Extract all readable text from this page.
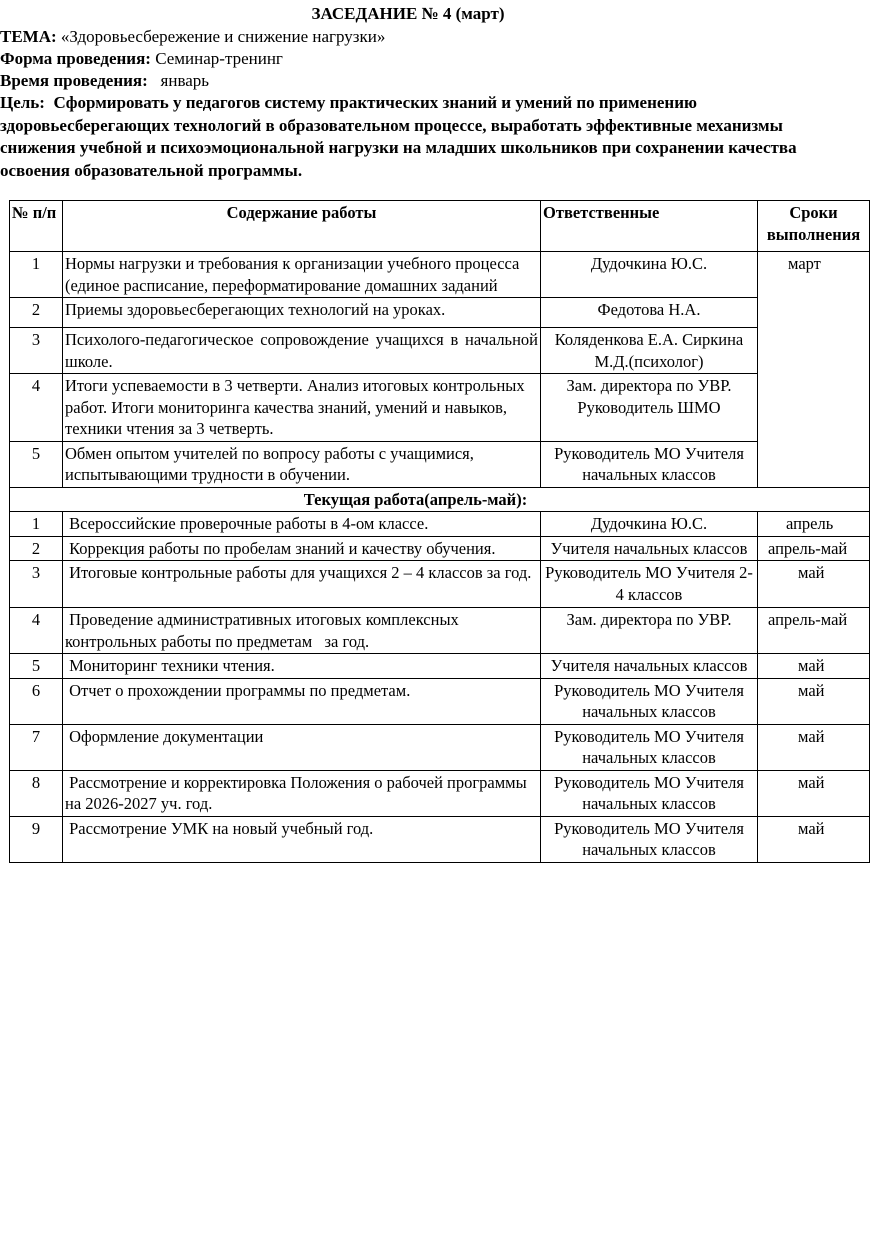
ЗАСЕДАНИЕ № 4 (март)
ТЕМА: «Здоровьесбережение и снижение нагрузки»
Форма проведения: Семинар-тренинг
Время проведения:   январь
Цель:  Сформировать у педагогов систему практических знаний и умений по применению здоровьесберегающих технологий в образовательном процессе, выработать эффективные механизмы снижения учебной и психоэмоциональной нагрузки на младших школьников при сохранении качества освоения образовательной программы.
№ п/п	Содержание работы	Ответственные	Сроки выполнения
1	Нормы нагрузки и требования к организации учебного процесса (единое расписание, переформатирование домашних заданий	Дудочкина Ю.С.	март
2	Приемы здоровьесберегающих технологий на уроках.	Федотова Н.А.	
3	Психолого-педагогическое сопровождение учащихся в начальной школе.	Коляденкова Е.А. Сиркина М.Д.(психолог)	
4	Итоги успеваемости в 3 четверти. Анализ итоговых контрольных работ. Итоги мониторинга качества знаний, умений и навыков, техники чтения за 3 четверть.	Зам. директора по УВР. Руководитель ШМО	
5	Обмен опытом учителей по вопросу работы с учащимися, испытывающими трудности в обучении.	Руководитель МО Учителя начальных классов	
Текущая работа(апрель-май):			
1	Всероссийские проверочные работы в 4-ом классе.	Дудочкина Ю.С.	апрель
2	Коррекция работы по пробелам знаний и качеству обучения.	Учителя начальных классов	апрель-май
3	Итоговые контрольные работы для учащихся 2 – 4 классов за год.	Руководитель МО Учителя 2-4 классов	май
4	Проведение административных итоговых комплексных контрольных работы по предметам   за год.	Зам. директора по УВР.	апрель-май
5	Мониторинг техники чтения.	Учителя начальных классов	май
6	Отчет о прохождении программы по предметам.	Руководитель МО Учителя начальных классов	май
7	Оформление документации	Руководитель МО Учителя начальных классов	май
8	Рассмотрение и корректировка Положения о рабочей программы на 2026-2027 уч. год.	Руководитель МО Учителя начальных классов	май
9	Рассмотрение УМК на новый учебный год.	Руководитель МО Учителя начальных классов	май
